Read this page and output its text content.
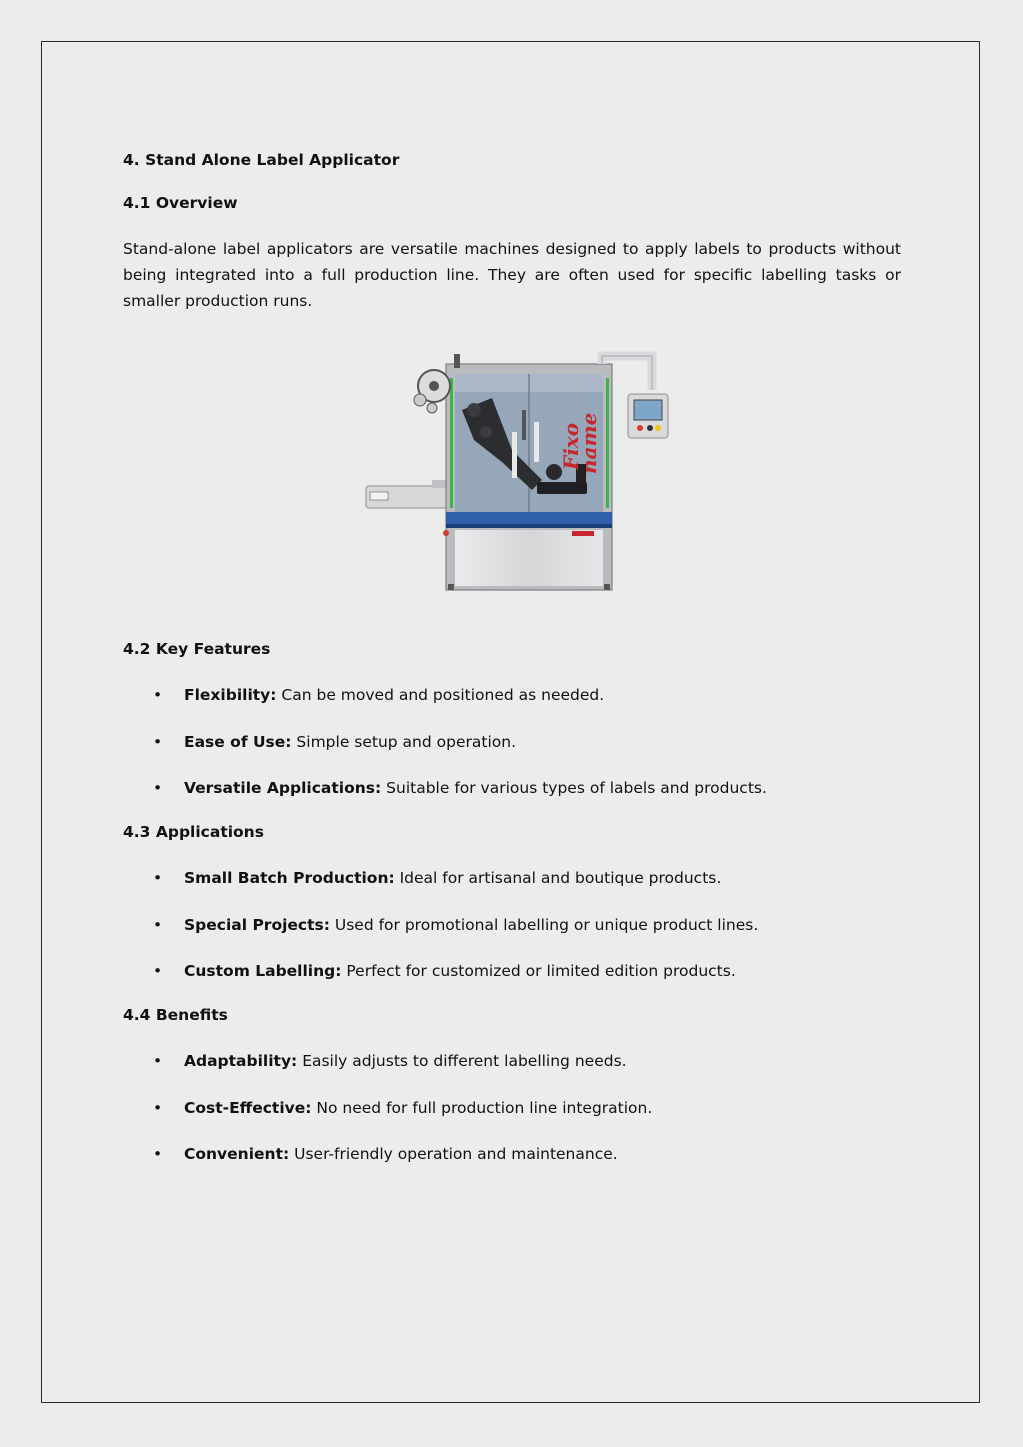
4. Stand Alone Label Applicator
4.1 Overview
Stand-alone label applicators are versatile machines designed to apply labels to products without being integrated into a full production line. They are often used for specific labelling tasks or smaller production runs.
4.2 Key Features
• Flexibility: Can be moved and positioned as needed.
• Ease of Use: Simple setup and operation.
• Versatile Applications: Suitable for various types of labels and products.
4.3 Applications
• Small Batch Production: Ideal for artisanal and boutique products.
• Special Projects: Used for promotional labelling or unique product lines.
• Custom Labelling: Perfect for customized or limited edition products.
4.4 Benefits
• Adaptability: Easily adjusts to different labelling needs.
• Cost-Effective: No need for full production line integration.
• Convenient: User-friendly operation and maintenance.
Fixo
name
